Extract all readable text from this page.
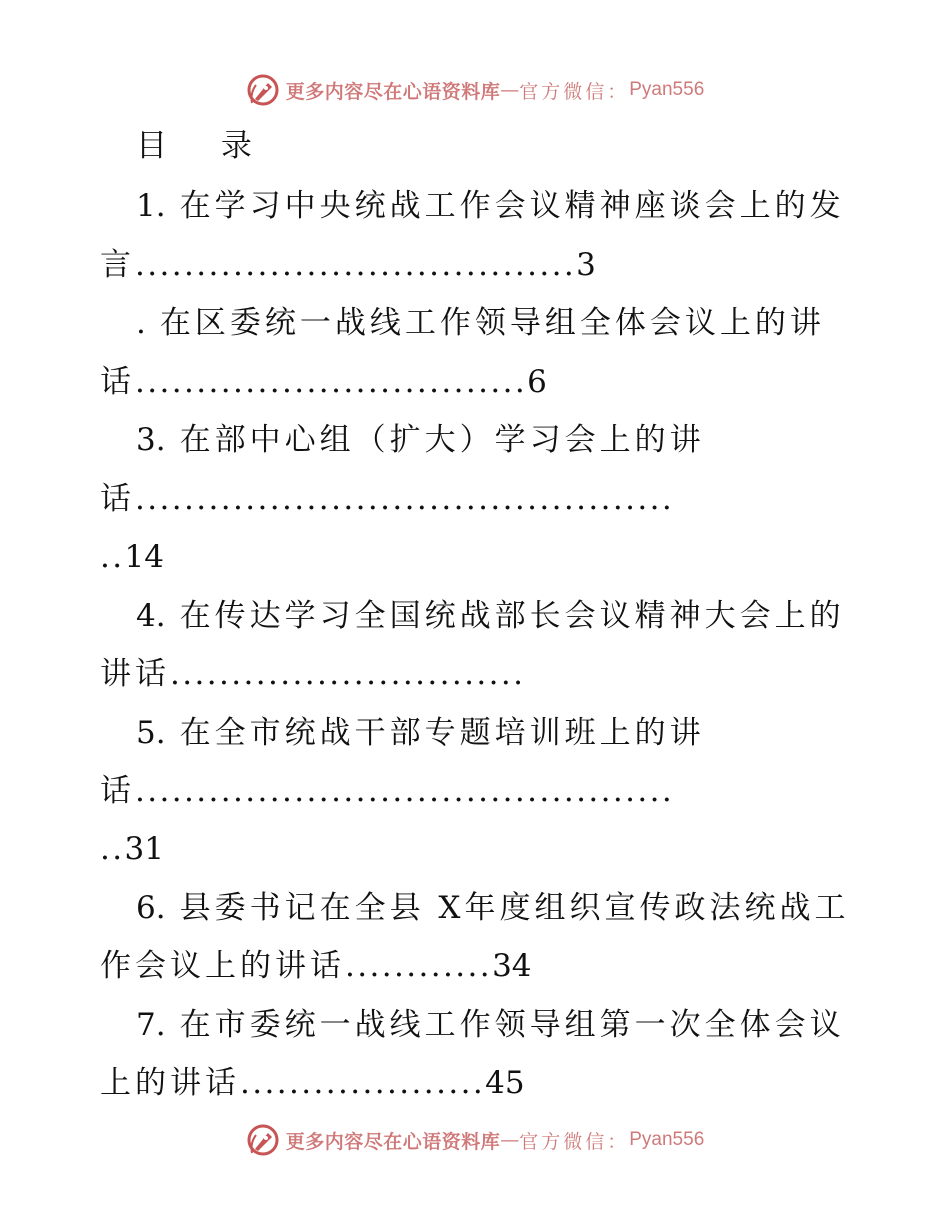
更多内容尽在心语资料库 — 官方微信： Pyan556
目 录
1. 在学习中央统战工作会议精神座谈会上的发
言....................................3
. 在区委统一战线工作领导组全体会议上的讲
话................................6
3. 在部中心组（扩大）学习会上的讲
话............................................
..14
4. 在传达学习全国统战部长会议精神大会上的
讲话.............................
5. 在全市统战干部专题培训班上的讲
话............................................
..31
6. 县委书记在全县 X年度组织宣传政法统战工
作会议上的讲话............34
7. 在市委统一战线工作领导组第一次全体会议
上的讲话....................45
更多内容尽在心语资料库 — 官方微信： Pyan556
